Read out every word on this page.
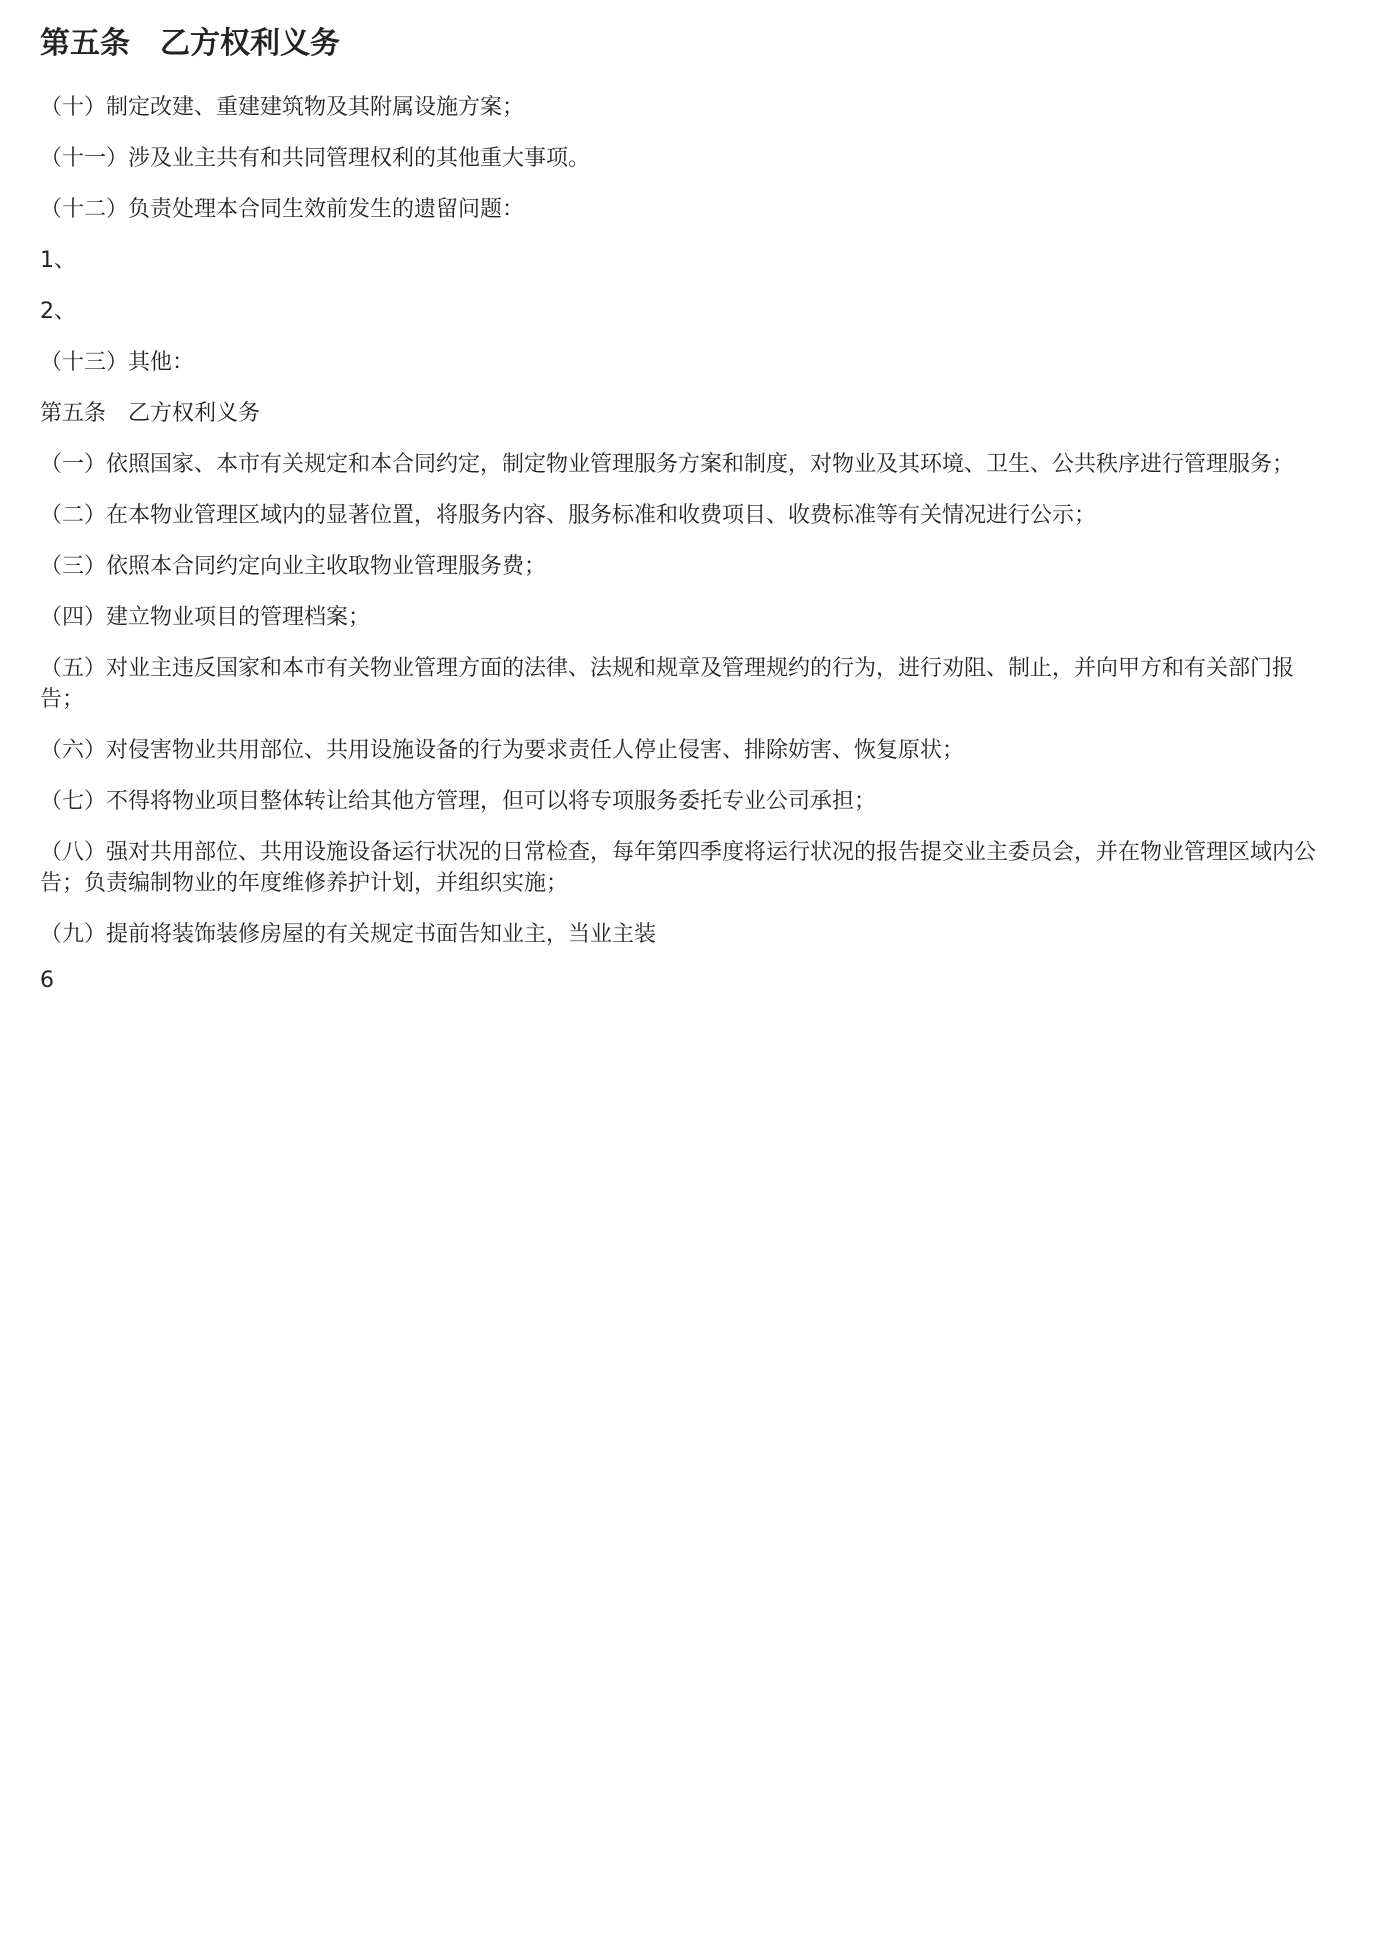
第五条　乙方权利义务
（十）制定改建、重建建筑物及其附属设施方案；
（十一）涉及业主共有和共同管理权利的其他重大事项。
（十二）负责处理本合同生效前发生的遗留问题：
1、
2、
（十三）其他：
第五条　乙方权利义务
（一）依照国家、本市有关规定和本合同约定，制定物业管理服务方案和制度，对物业及其环境、卫生、公共秩序进行管理服务；
（二）在本物业管理区域内的显著位置，将服务内容、服务标准和收费项目、收费标准等有关情况进行公示；
（三）依照本合同约定向业主收取物业管理服务费；
（四）建立物业项目的管理档案；
（五）对业主违反国家和本市有关物业管理方面的法律、法规和规章及管理规约的行为，进行劝阻、制止，并向甲方和有关部门报告；
（六）对侵害物业共用部位、共用设施设备的行为要求责任人停止侵害、排除妨害、恢复原状；
（七）不得将物业项目整体转让给其他方管理，但可以将专项服务委托专业公司承担；
（八）强对共用部位、共用设施设备运行状况的日常检查，每年第四季度将运行状况的报告提交业主委员会，并在物业管理区域内公告；负责编制物业的年度维修养护计划，并组织实施；
（九）提前将装饰装修房屋的有关规定书面告知业主，当业主装
6
